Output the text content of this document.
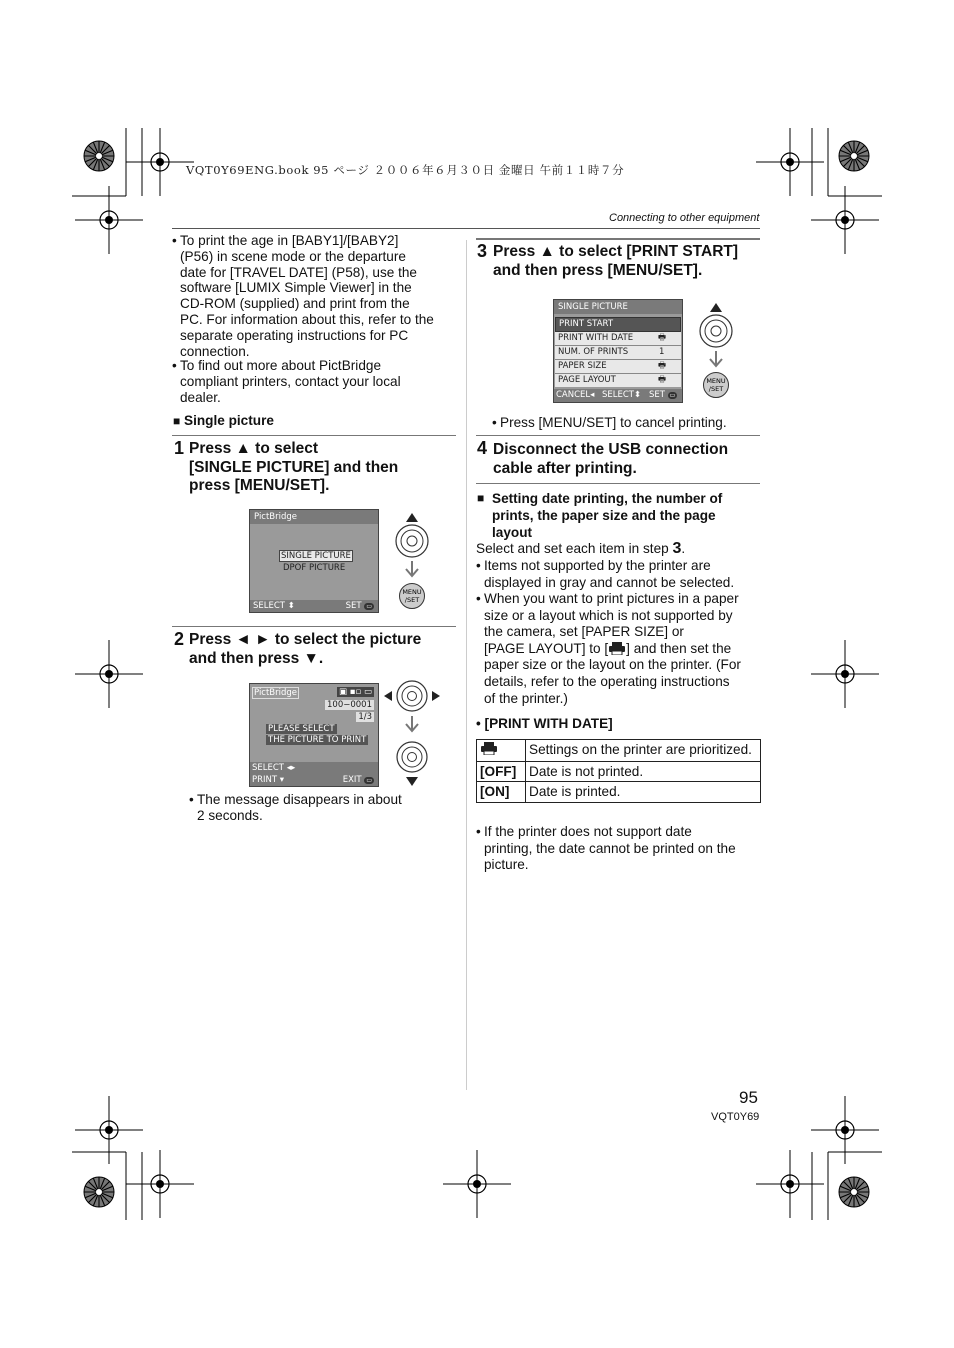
VQT0Y69ENG.book 95 ページ ２００６年６月３０日 金曜日 午前１１時７分
Connecting to other equipment
• To print the age in [BABY1]/[BABY2]
(P56) in scene mode or the departure
date for [TRAVEL DATE] (P58), use the
software [LUMIX Simple Viewer] in the
CD-ROM (supplied) and print from the
PC. For information about this, refer to the
separate operating instructions for PC
connection.
• To find out more about PictBridge
compliant printers, contact your local
dealer.
■ Single picture
1 Press ▲ to select
[SINGLE PICTURE] and then
press [MENU/SET].
PictBridge
SINGLE PICTURE
DPOF PICTURE
SELECT ⬍	SET ▭
MENU
/SET
2 Press ◄ ► to select the picture
and then press ▼.
PictBridge	▣ ▪▫ ▭
100−0001
1/3
PLEASE SELECT
THE PICTURE TO PRINT
SELECT ◂▸
PRINT ▾	EXIT ▭
• The message disappears in about
2 seconds.
3 Press ▲ to select [PRINT START]
and then press [MENU/SET].
SINGLE PICTURE
PRINT START
PRINT WITH DATE	🖶
NUM. OF PRINTS	1
PAPER SIZE	🖶
PAGE LAYOUT	🖶
CANCEL◂ SELECT⬍ SET ▭
MENU
/SET
• Press [MENU/SET] to cancel printing.
4 Disconnect the USB connection
cable after printing.
■ Setting date printing, the number of
prints, the paper size and the page
layout
Select and set each item in step 3.
• Items not supported by the printer are
displayed in gray and cannot be selected.
• When you want to print pictures in a paper
size or a layout which is not supported by
the camera, set [PAPER SIZE] or
[PAGE LAYOUT] to [ ] and then set the
paper size or the layout on the printer. (For
details, refer to the operating instructions
of the printer.)
• [PRINT WITH DATE]
	Settings on the printer are prioritized.
[OFF]	Date is not printed.
[ON]	Date is printed.
• If the printer does not support date
printing, the date cannot be printed on the
picture.
95
VQT0Y69
